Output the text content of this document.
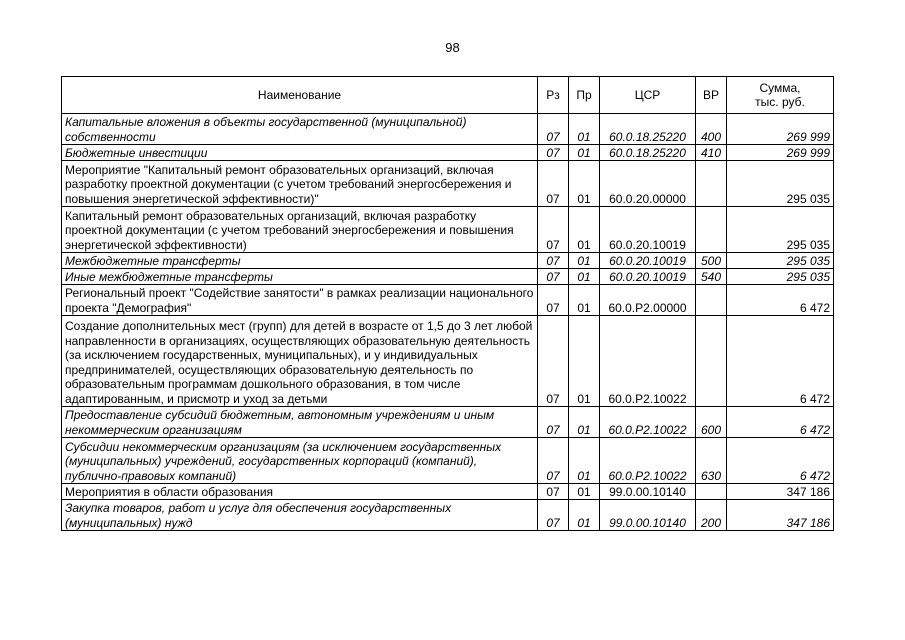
98
Наименование	Рз	Пр	ЦСР	ВР	Сумма,
тыс. руб.
Капитальные вложения в объекты государственной (муниципальной) собственности	07	01	60.0.18.25220	400	269 999
Бюджетные инвестиции	07	01	60.0.18.25220	410	269 999
Мероприятие "Капитальный ремонт образовательных организаций, включая разработку проектной документации (с учетом требований энергосбережения и повышения энергетической эффективности)"	07	01	60.0.20.00000		295 035
Капитальный ремонт образовательных организаций, включая разработку проектной документации (с учетом требований энергосбережения и повышения энергетической эффективности)	07	01	60.0.20.10019		295 035
Межбюджетные трансферты	07	01	60.0.20.10019	500	295 035
Иные межбюджетные трансферты	07	01	60.0.20.10019	540	295 035
Региональный проект "Содействие занятости" в рамках реализации национального проекта "Демография"	07	01	60.0.P2.00000		6 472
Создание дополнительных мест (групп) для детей в возрасте от 1,5 до 3 лет любой направленности в организациях, осуществляющих образовательную деятельность (за исключением государственных, муниципальных), и у индивидуальных предпринимателей, осуществляющих образовательную деятельность по образовательным программам дошкольного образования, в том числе адаптированным, и присмотр и уход за детьми	07	01	60.0.P2.10022		6 472
Предоставление субсидий бюджетным, автономным учреждениям и иным некоммерческим организациям	07	01	60.0.P2.10022	600	6 472
Субсидии некоммерческим организациям (за исключением государственных (муниципальных) учреждений, государственных корпораций (компаний), публично-правовых компаний)	07	01	60.0.P2.10022	630	6 472
Мероприятия в области образования	07	01	99.0.00.10140		347 186
Закупка товаров, работ и услуг для обеспечения государственных (муниципальных) нужд	07	01	99.0.00.10140	200	347 186
